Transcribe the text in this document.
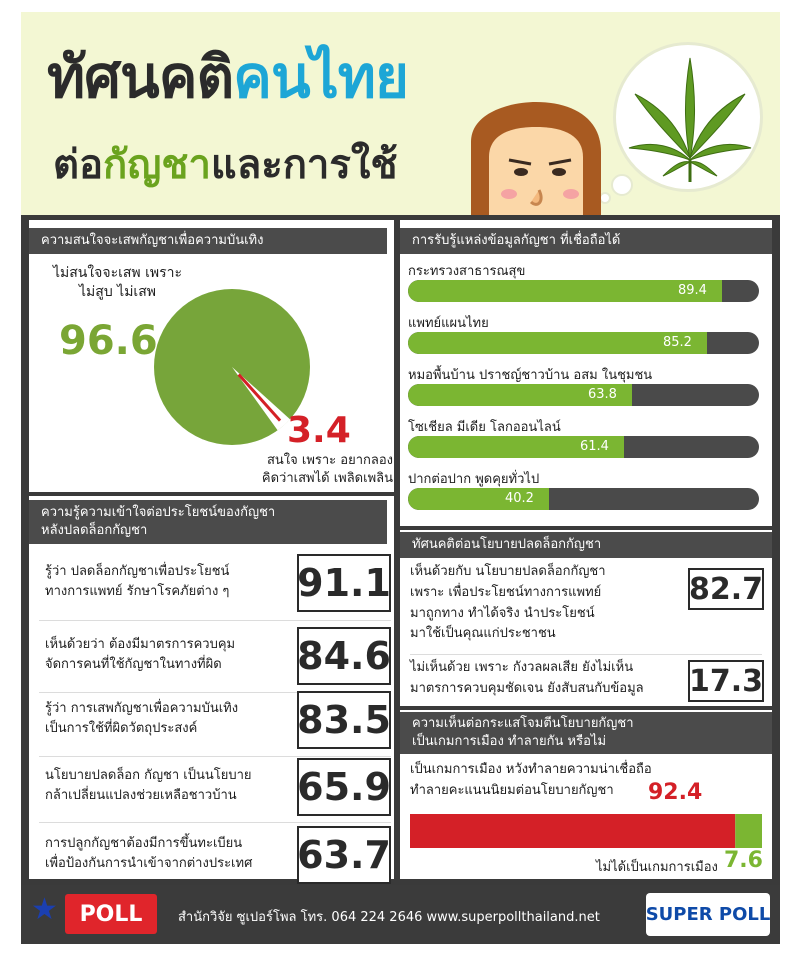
ทัศนคติคนไทย
ต่อกัญชาและการใช้
ความสนใจจะเสพกัญชาเพื่อความบันเทิง
ไม่สนใจจะเสพ เพราะ
ไม่สูบ ไม่เสพ
96.6
3.4
สนใจ เพราะ อยากลอง
คิดว่าเสพได้ เพลิดเพลิน
ความรู้ความเข้าใจต่อประโยชน์ของกัญชา
หลังปลดล็อกกัญชา
รู้ว่า ปลดล็อกกัญชาเพื่อประโยชน์
ทางการแพทย์ รักษาโรคภัยต่าง ๆ	91.1
เห็นด้วยว่า ต้องมีมาตรการควบคุม
จัดการคนที่ใช้กัญชาในทางที่ผิด	84.6
รู้ว่า การเสพกัญชาเพื่อความบันเทิง
เป็นการใช้ที่ผิดวัตถุประสงค์	83.5
นโยบายปลดล็อก กัญชา เป็นนโยบาย
กล้าเปลี่ยนแปลงช่วยเหลือชาวบ้าน	65.9
การปลูกกัญชาต้องมีการขึ้นทะเบียน
เพื่อป้องกันการนำเข้าจากต่างประเทศ	63.7
การรับรู้แหล่งข้อมูลกัญชา ที่เชื่อถือได้
กระทรวงสาธารณสุข
89.4
แพทย์แผนไทย
85.2
หมอพื้นบ้าน ปราชญ์ชาวบ้าน อสม ในชุมชน
63.8
โซเชียล มีเดีย โลกออนไลน์
61.4
ปากต่อปาก พูดคุยทั่วไป
40.2
ทัศนคติต่อนโยบายปลดล็อกกัญชา
เห็นด้วยกับ นโยบายปลดล็อกกัญชา
เพราะ เพื่อประโยชน์ทางการแพทย์
มาถูกทาง ทำได้จริง นำประโยชน์
มาใช้เป็นคุณแก่ประชาชน
82.7
ไม่เห็นด้วย เพราะ กังวลผลเสีย ยังไม่เห็น
มาตรการควบคุมชัดเจน ยังสับสนกับข้อมูล	17.3
ความเห็นต่อกระแสโจมตีนโยบายกัญชา
เป็นเกมการเมือง ทำลายกัน หรือไม่
เป็นเกมการเมือง หวังทำลายความน่าเชื่อถือ
ทำลายคะแนนนิยมต่อนโยบายกัญชา	92.4
ไม่ได้เป็นเกมการเมือง 7.6
★ POLL	สำนักวิจัย ซูเปอร์โพล โทร. 064 224 2646 www.superpollthailand.net	SUPER POLL
